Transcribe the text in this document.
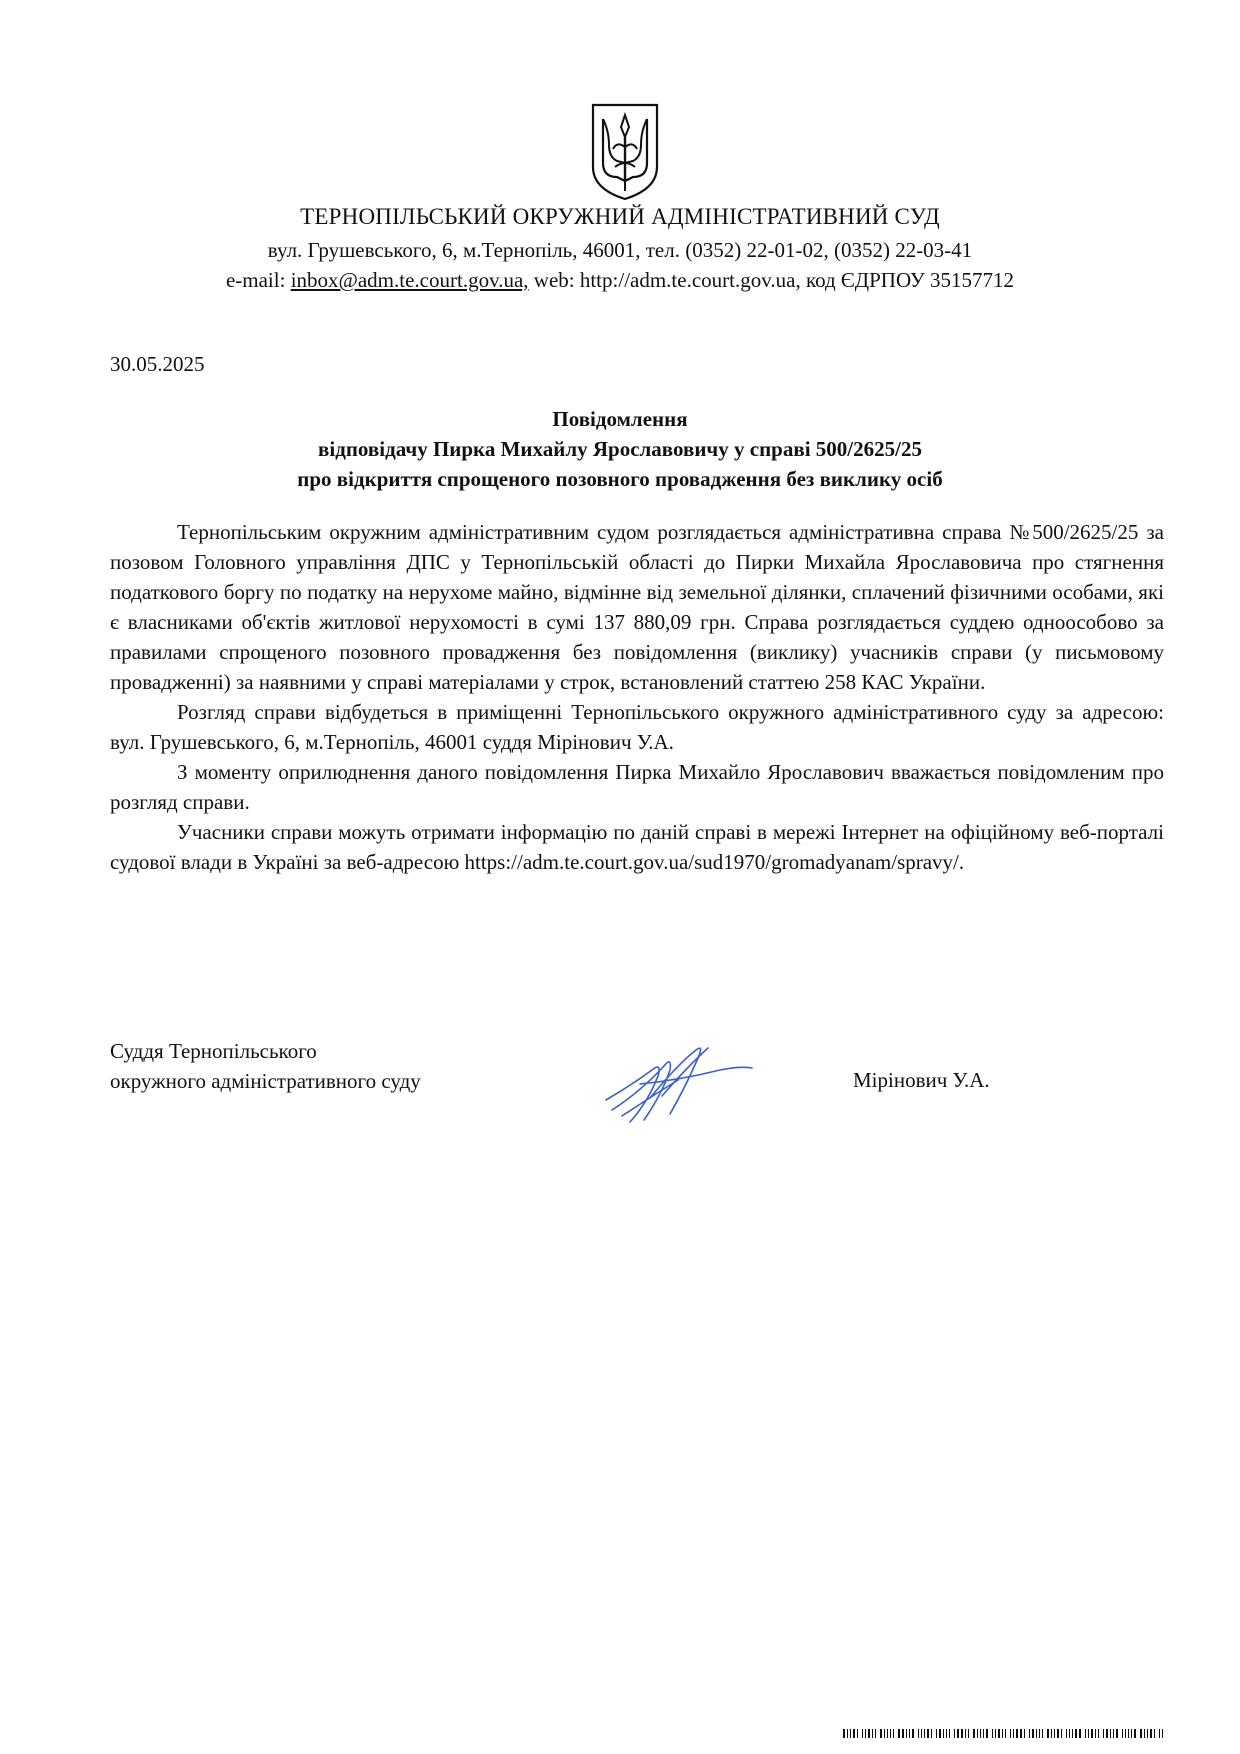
ТЕРНОПІЛЬСЬКИЙ ОКРУЖНИЙ АДМІНІСТРАТИВНИЙ СУД
вул. Грушевського, 6, м.Тернопіль, 46001, тел. (0352) 22-01-02, (0352) 22-03-41
e-mail: inbox@adm.te.court.gov.ua, web: http://adm.te.court.gov.ua, код ЄДРПОУ 35157712
30.05.2025
Повідомлення
відповідачу Пирка Михайлу Ярославовичу у справі 500/2625/25
про відкриття спрощеного позовного провадження без виклику осіб

Тернопільським окружним адміністративним судом розглядається адміністративна справа №500/2625/25 за позовом Головного управління ДПС у Тернопільській області до Пирки Михайла Ярославовича про стягнення податкового боргу по податку на нерухоме майно, відмінне від земельної ділянки, сплачений фізичними особами, які є власниками об'єктів житлової нерухомості в сумі 137 880,09 грн. Справа розглядається суддею одноособово за правилами спрощеного позовного провадження без повідомлення (виклику) учасників справи (у письмовому провадженні) за наявними у справі матеріалами у строк, встановлений статтею 258 КАС України.

Розгляд справи відбудеться в приміщенні Тернопільського окружного адміністративного суду за адресою: вул. Грушевського, 6, м.Тернопіль, 46001 суддя Мірінович У.А.

З моменту оприлюднення даного повідомлення Пирка Михайло Ярославович вважається повідомленим про розгляд справи.

Учасники справи можуть отримати інформацію по даній справі в мережі Інтернет на офіційному веб-порталі судової влади в Україні за веб-адресою https://adm.te.court.gov.ua/sud1970/gromadyanam/spravy/.

Суддя Тернопільського
окружного адміністративного суду	Мірінович У.А.
